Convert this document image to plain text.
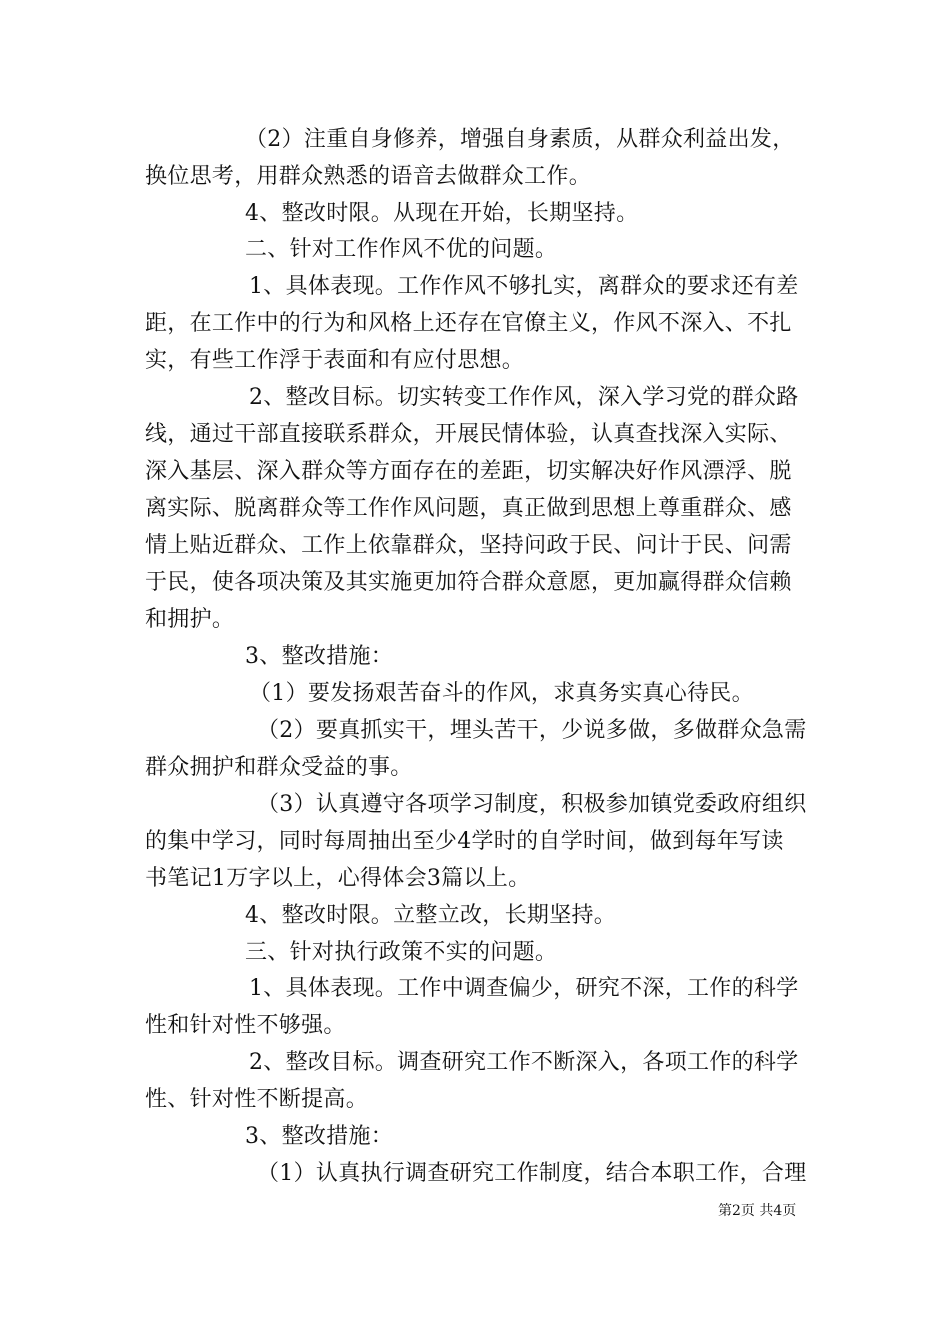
（2）注重自身修养，增强自身素质，从群众利益出发，
换位思考，用群众熟悉的语音去做群众工作。
4、整改时限。从现在开始，长期坚持。
二、针对工作作风不优的问题。
1、具体表现。工作作风不够扎实，离群众的要求还有差
距，在工作中的行为和风格上还存在官僚主义，作风不深入、不扎
实，有些工作浮于表面和有应付思想。
2、整改目标。切实转变工作作风，深入学习党的群众路
线，通过干部直接联系群众，开展民情体验，认真查找深入实际、
深入基层、深入群众等方面存在的差距，切实解决好作风漂浮、脱
离实际、脱离群众等工作作风问题，真正做到思想上尊重群众、感
情上贴近群众、工作上依靠群众，坚持问政于民、问计于民、问需
于民，使各项决策及其实施更加符合群众意愿，更加赢得群众信赖
和拥护。
3、整改措施：
（1）要发扬艰苦奋斗的作风，求真务实真心待民。
（2）要真抓实干，埋头苦干，少说多做，多做群众急需
群众拥护和群众受益的事。
（3）认真遵守各项学习制度，积极参加镇党委政府组织
的集中学习，同时每周抽出至少4学时的自学时间，做到每年写读
书笔记1万字以上，心得体会3篇以上。
4、整改时限。立整立改，长期坚持。
三、针对执行政策不实的问题。
1、具体表现。工作中调查偏少，研究不深，工作的科学
性和针对性不够强。
2、整改目标。调查研究工作不断深入，各项工作的科学
性、针对性不断提高。
3、整改措施：
（1）认真执行调查研究工作制度，结合本职工作，合理
第2页 共4页
